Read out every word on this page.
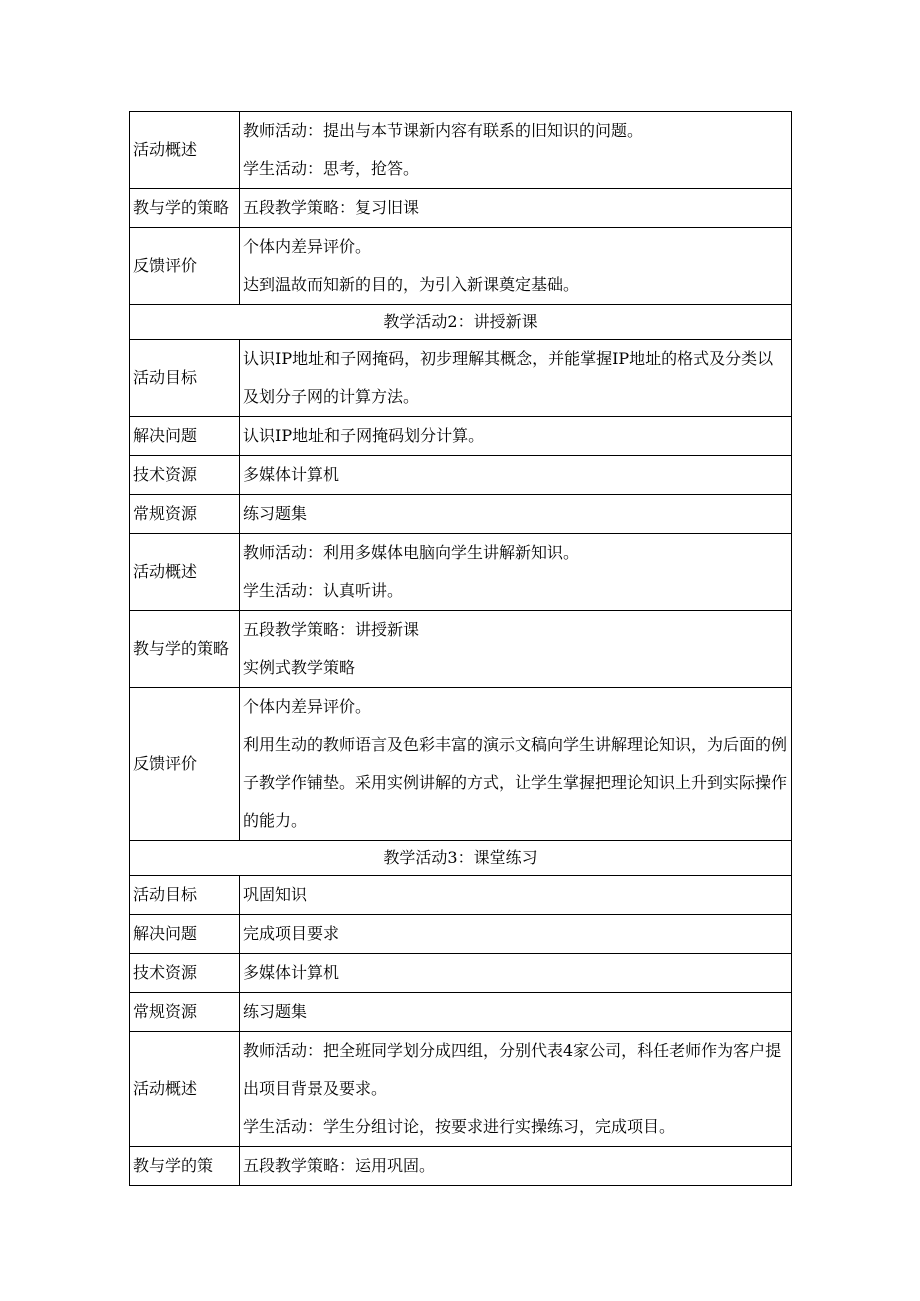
活动概述	教师活动：提出与本节课新内容有联系的旧知识的问题。
学生活动：思考，抢答。

教与学的策略	五段教学策略：复习旧课

反馈评价	个体内差异评价。
达到温故而知新的目的，为引入新课奠定基础。

教学活动2：讲授新课	
活动目标	认识IP地址和子网掩码，初步理解其概念，并能掌握IP地址的格式及分类以及划分子网的计算方法。

解决问题	认识IP地址和子网掩码划分计算。

技术资源	多媒体计算机

常规资源	练习题集

活动概述	教师活动：利用多媒体电脑向学生讲解新知识。
学生活动：认真听讲。

教与学的策略	五段教学策略：讲授新课
实例式教学策略

反馈评价	个体内差异评价。
利用生动的教师语言及色彩丰富的演示文稿向学生讲解理论知识，为后面的例子教学作铺垫。采用实例讲解的方式，让学生掌握把理论知识上升到实际操作的能力。

教学活动3：课堂练习	
活动目标	巩固知识

解决问题	完成项目要求

技术资源	多媒体计算机

常规资源	练习题集

活动概述	教师活动：把全班同学划分成四组，分别代表4家公司，科任老师作为客户提出项目背景及要求。
学生活动：学生分组讨论，按要求进行实操练习，完成项目。

教与学的策	五段教学策略：运用巩固。
